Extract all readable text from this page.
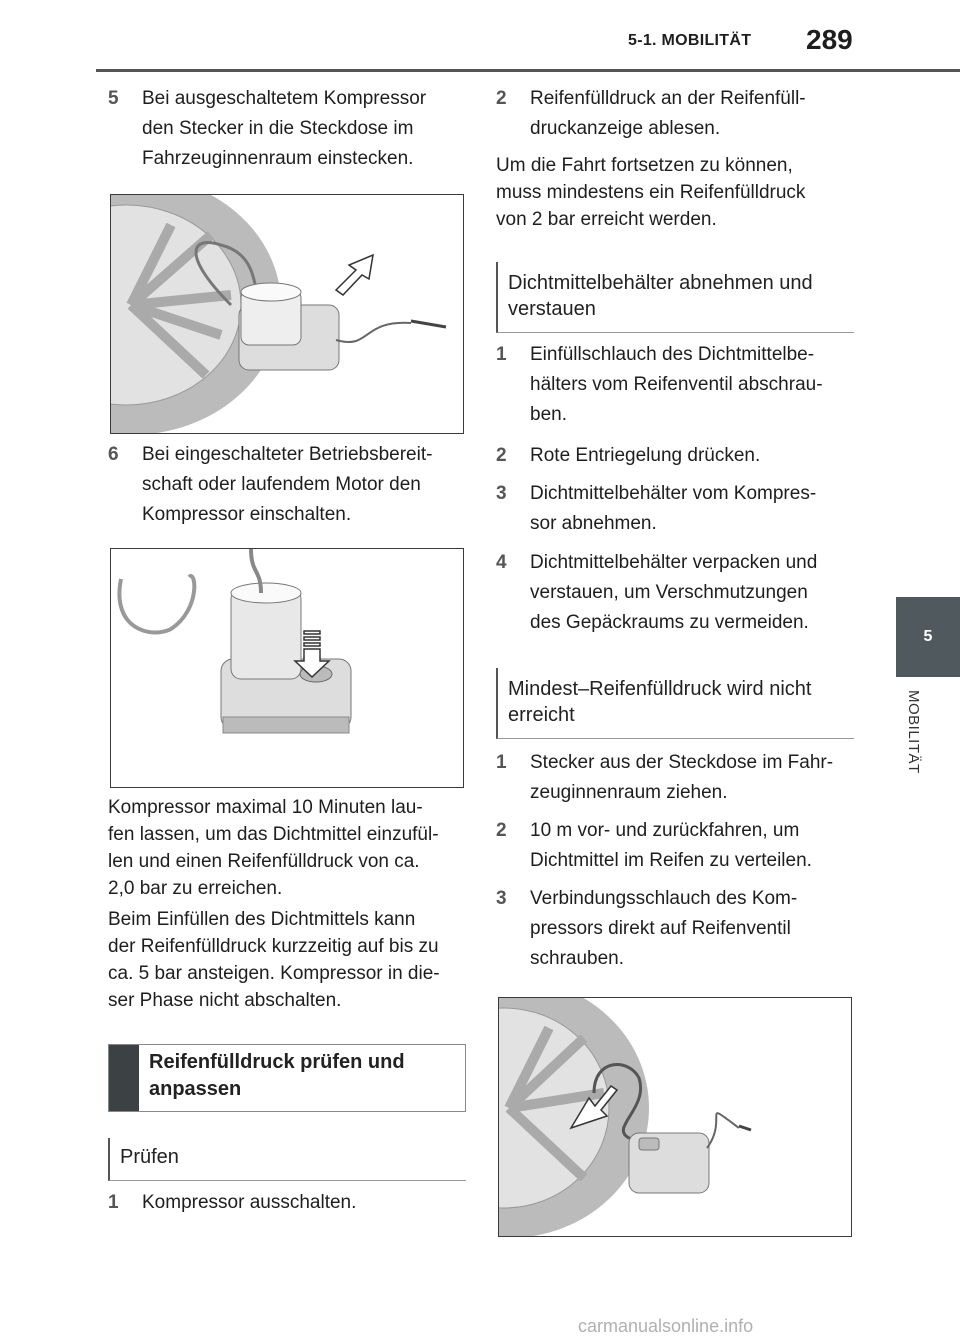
5-1. MOBILITÄT 289
5
MOBILITÄT
5 Bei ausgeschaltetem Kompressor
den Stecker in die Steckdose im
Fahrzeuginnenraum einstecken.
6 Bei eingeschalteter Betriebsbereit-
schaft oder laufendem Motor den
Kompressor einschalten.
Kompressor maximal 10 Minuten lau-
fen lassen, um das Dichtmittel einzufül-
len und einen Reifenfülldruck von ca.
2,0 bar zu erreichen.
Beim Einfüllen des Dichtmittels kann
der Reifenfülldruck kurzzeitig auf bis zu
ca. 5 bar ansteigen. Kompressor in die-
ser Phase nicht abschalten.
Reifenfülldruck prüfen und
anpassen
Prüfen
1 Kompressor ausschalten.
2 Reifenfülldruck an der Reifenfüll-
druckanzeige ablesen.
Um die Fahrt fortsetzen zu können,
muss mindestens ein Reifenfülldruck
von 2 bar erreicht werden.
Dichtmittelbehälter abnehmen und
verstauen
1 Einfüllschlauch des Dichtmittelbe-
hälters vom Reifenventil abschrau-
ben.
2 Rote Entriegelung drücken.
3 Dichtmittelbehälter vom Kompres-
sor abnehmen.
4 Dichtmittelbehälter verpacken und
verstauen, um Verschmutzungen
des Gepäckraums zu vermeiden.
Mindest–Reifenfülldruck wird nicht
erreicht
1 Stecker aus der Steckdose im Fahr-
zeuginnenraum ziehen.
2 10 m vor- und zurückfahren, um
Dichtmittel im Reifen zu verteilen.
3 Verbindungsschlauch des Kom-
pressors direkt auf Reifenventil
schrauben.
carmanualsonline.info
